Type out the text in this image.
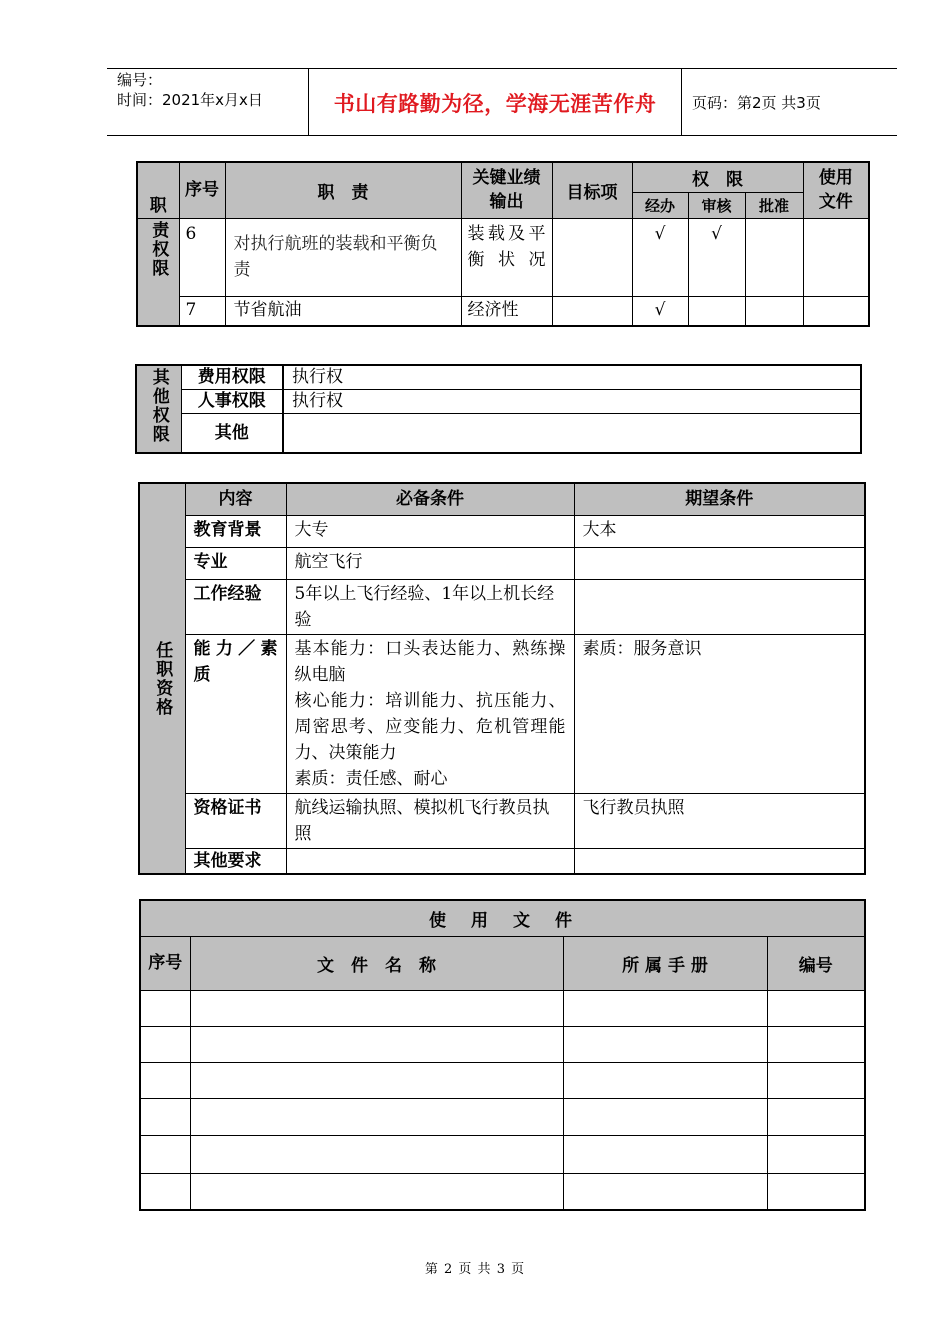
编号：
时间：2021年x月x日	书山有路勤为径，学海无涯苦作舟	页码：第2页 共3页
职	序号	职　责	关键业绩输出	目标项	权　限			使用文件
					经办	审核	批准	

责权限	6	对执行航班的装载和平衡负责	装载及平衡状况		√	√		
	7	节省航油	经济性		√			
其他权限	费用权限	执行权
	人事权限	执行权
	其他	
任职资格	内容	必备条件	期望条件
	教育背景	大专	大本
	专业	航空飞行	
	工作经验	5年以上飞行经验、1年以上机长经验	
	能力／素质	基本能力：口头表达能力、熟练操纵电脑
核心能力：培训能力、抗压能力、周密思考、应变能力、危机管理能力、决策能力
素质：责任感、耐心	素质：服务意识
	资格证书	航线运输执照、模拟机飞行教员执照	飞行教员执照
	其他要求		
使　用　文　件			
序号	文　件　名　称	所 属 手 册	编号

第 2 页 共 3 页
